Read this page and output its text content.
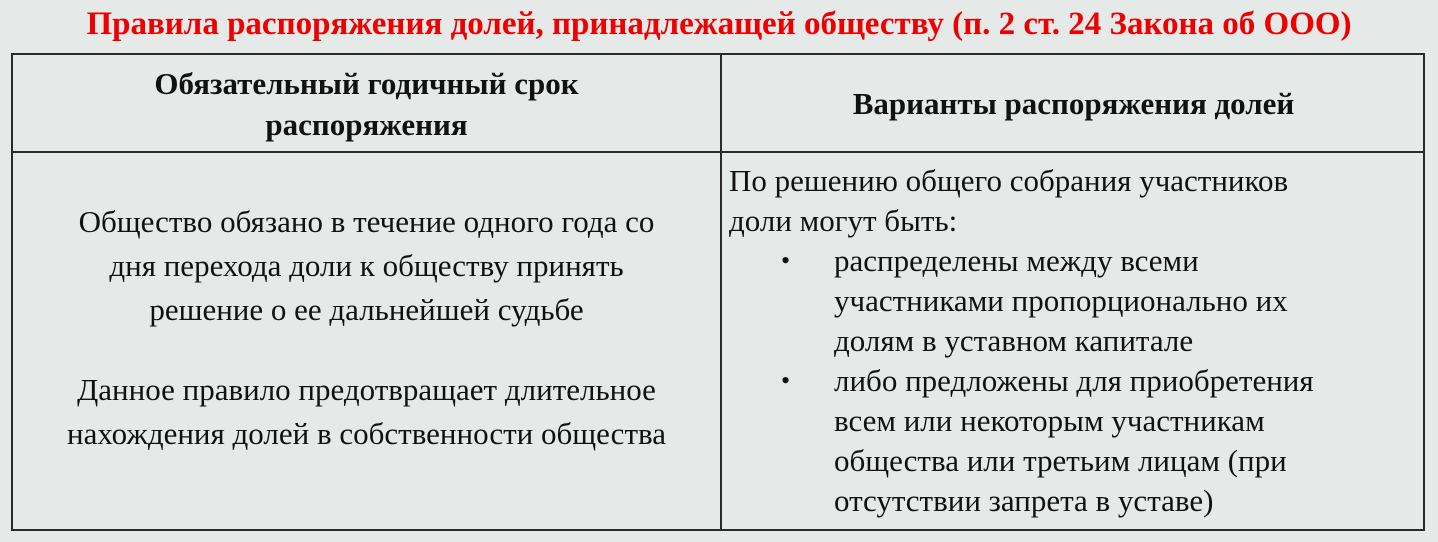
Правила распоряжения долей, принадлежащей обществу (п. 2 ст. 24 Закона об ООО)
Обязательный годичный срок
распоряжения
Варианты распоряжения долей
Общество обязано в течение одного года со
дня перехода доли к обществу принять
решение о ее дальнейшей судьбе
Данное правило предотвращает длительное
нахождения долей в собственности общества
По решению общего собрания участников
доли могут быть:
• распределены между всеми
участниками пропорционально их
долям в уставном капитале
• либо предложены для приобретения
всем или некоторым участникам
общества или третьим лицам (при
отсутствии запрета в уставе)
